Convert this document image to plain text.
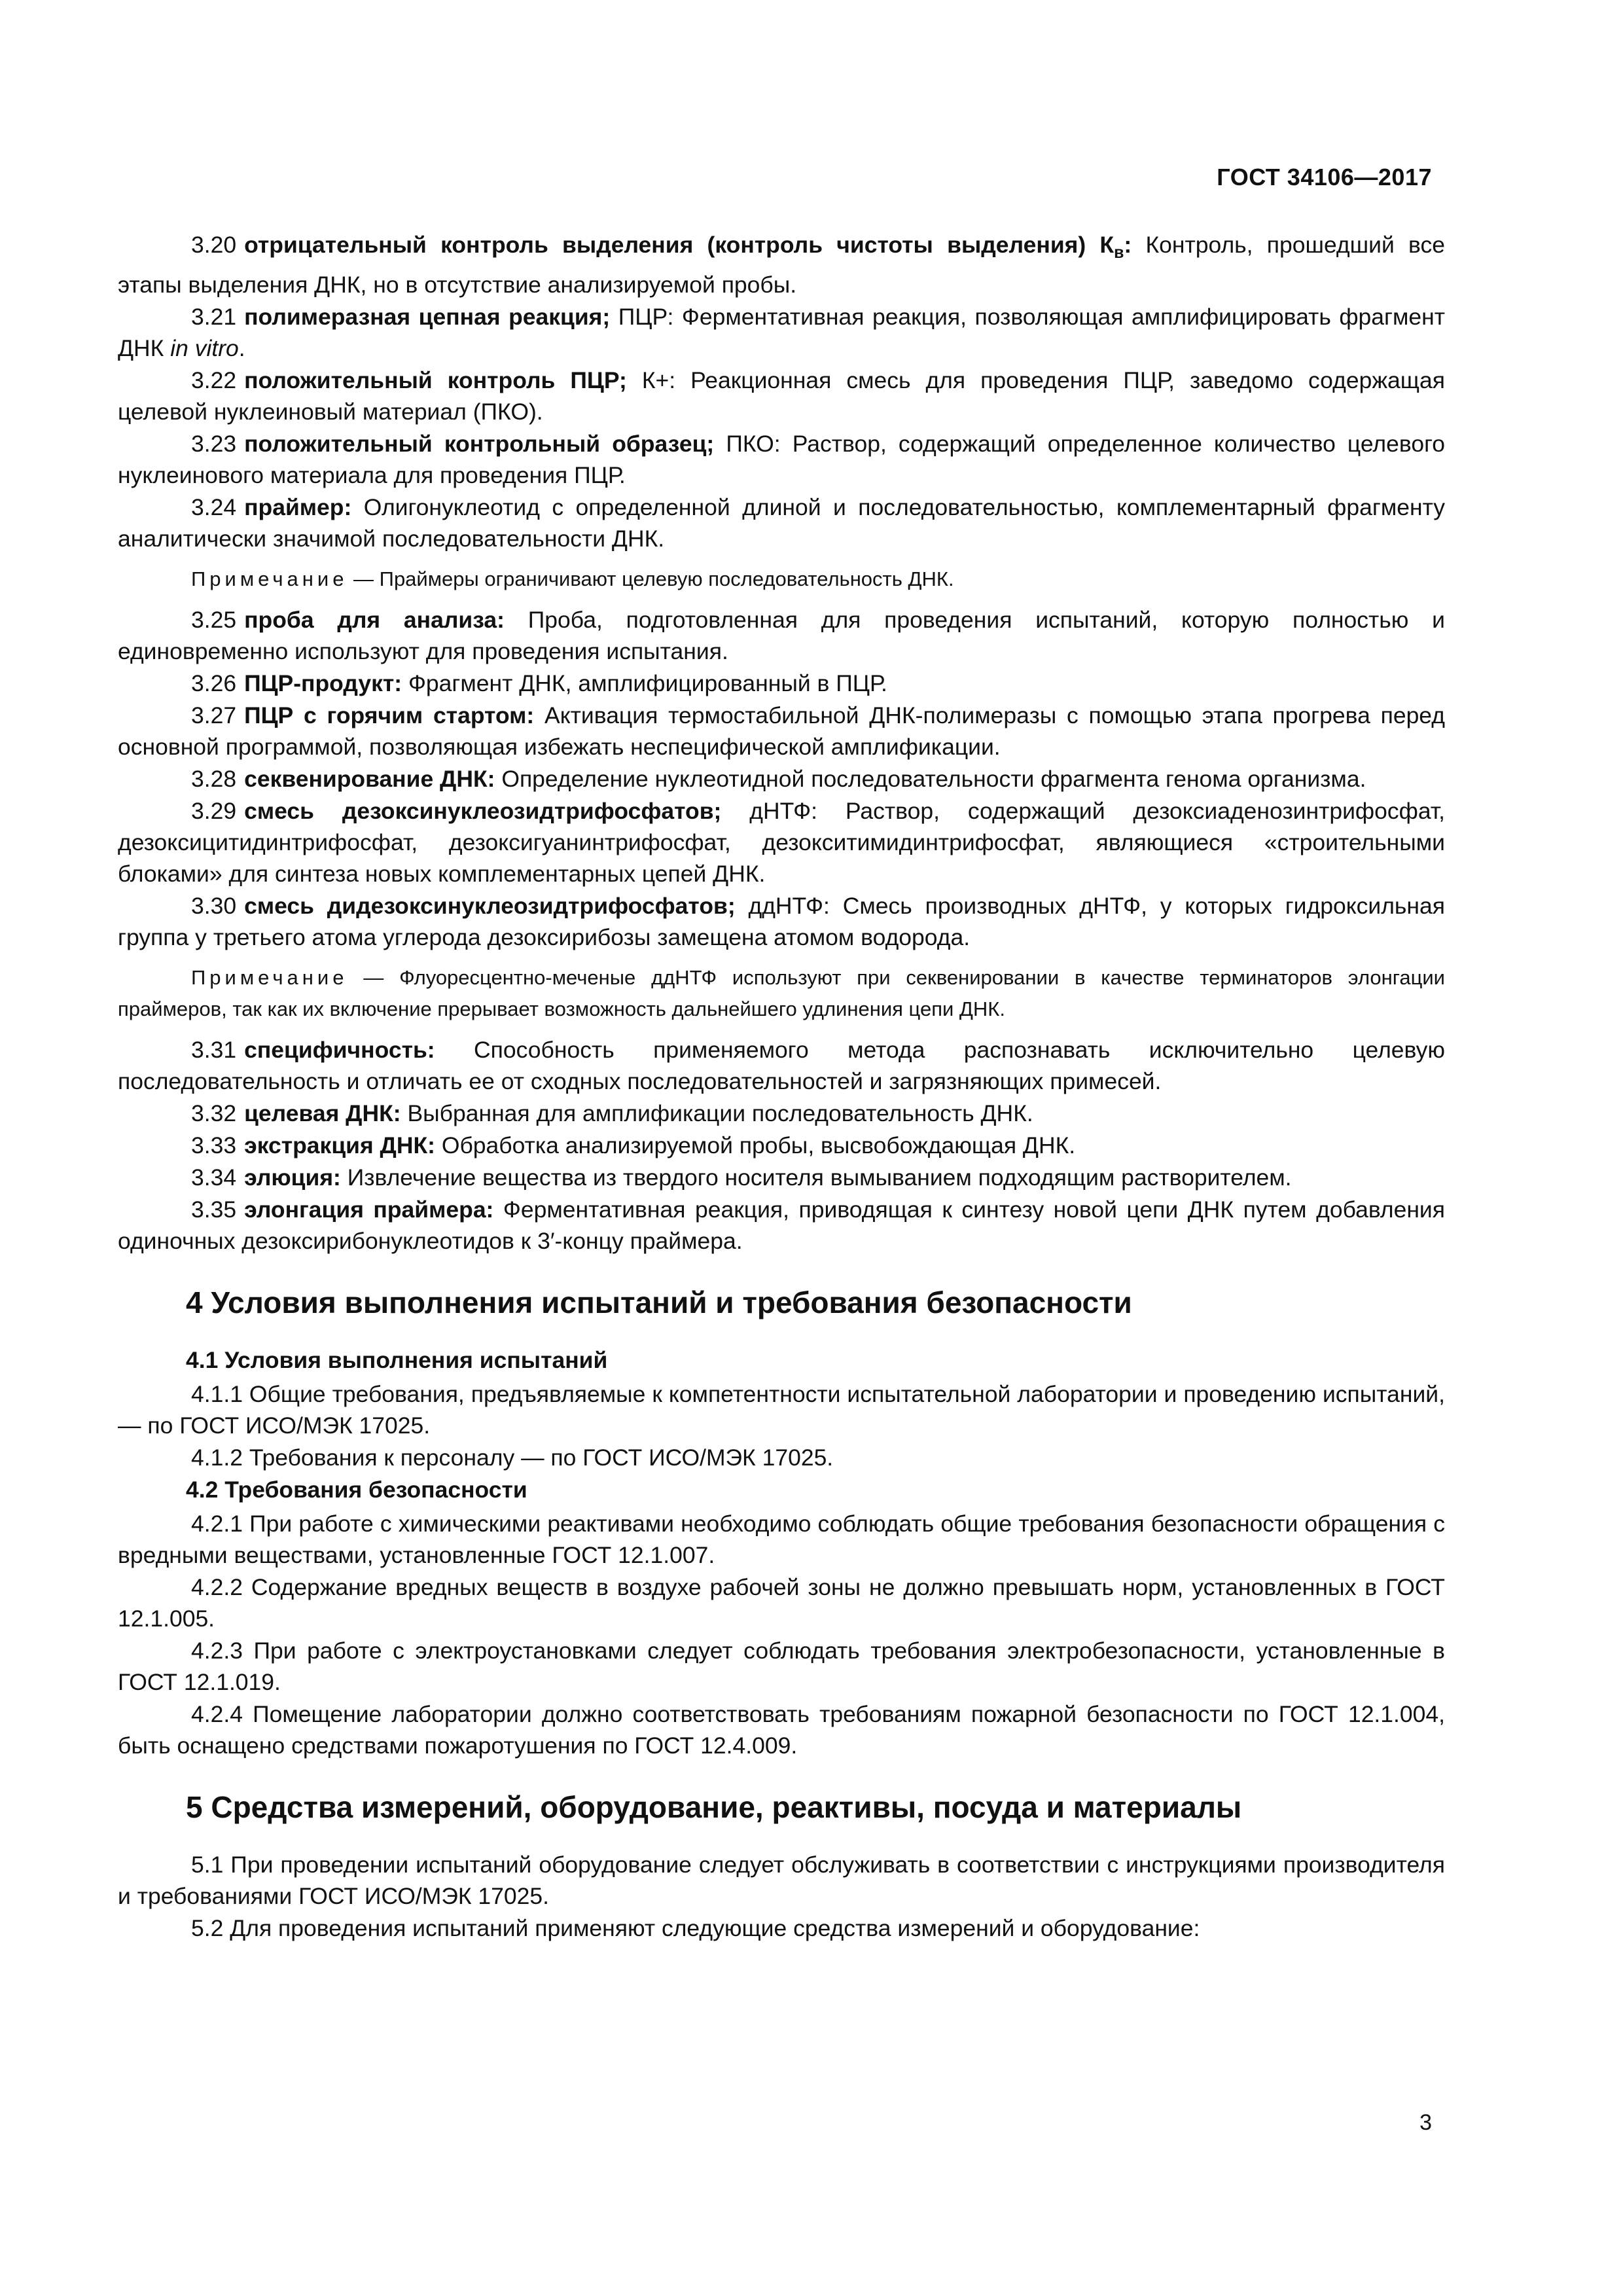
ГОСТ 34106—2017

3.20 отрицательный контроль выделения (контроль чистоты выделения) $К_в$: Контроль, прошедший все этапы выделения ДНК, но в отсутствие анализируемой пробы.

3.21 полимеразная цепная реакция; ПЦР: Ферментативная реакция, позволяющая амплифицировать фрагмент ДНК in vitro.

3.22 положительный контроль ПЦР; К+: Реакционная смесь для проведения ПЦР, заведомо содержащая целевой нуклеиновый материал (ПКО).

3.23 положительный контрольный образец; ПКО: Раствор, содержащий определенное количество целевого нуклеинового материала для проведения ПЦР.

3.24 праймер: Олигонуклеотид с определенной длиной и последовательностью, комплементарный фрагменту аналитически значимой последовательности ДНК.

Примечание — Праймеры ограничивают целевую последовательность ДНК.

3.25 проба для анализа: Проба, подготовленная для проведения испытаний, которую полностью и единовременно используют для проведения испытания.

3.26 ПЦР-продукт: Фрагмент ДНК, амплифицированный в ПЦР.

3.27 ПЦР с горячим стартом: Активация термостабильной ДНК-полимеразы с помощью этапа прогрева перед основной программой, позволяющая избежать неспецифической амплификации.

3.28 секвенирование ДНК: Определение нуклеотидной последовательности фрагмента генома организма.

3.29 смесь дезоксинуклеозидтрифосфатов; дНТФ: Раствор, содержащий дезоксиаденозинтрифосфат, дезоксицитидинтрифосфат, дезоксигуанинтрифосфат, дезокситимидинтрифосфат, являющиеся «строительными блоками» для синтеза новых комплементарных цепей ДНК.

3.30 смесь дидезоксинуклеозидтрифосфатов; ддНТФ: Смесь производных дНТФ, у которых гидроксильная группа у третьего атома углерода дезоксирибозы замещена атомом водорода.

Примечание — Флуоресцентно-меченые ддНТФ используют при секвенировании в качестве терминаторов элонгации праймеров, так как их включение прерывает возможность дальнейшего удлинения цепи ДНК.

3.31 специфичность: Способность применяемого метода распознавать исключительно целевую последовательность и отличать ее от сходных последовательностей и загрязняющих примесей.

3.32 целевая ДНК: Выбранная для амплификации последовательность ДНК.

3.33 экстракция ДНК: Обработка анализируемой пробы, высвобождающая ДНК.

3.34 элюция: Извлечение вещества из твердого носителя вымыванием подходящим растворителем.

3.35 элонгация праймера: Ферментативная реакция, приводящая к синтезу новой цепи ДНК путем добавления одиночных дезоксирибонуклеотидов к 3′-концу праймера.

4 Условия выполнения испытаний и требования безопасности
4.1 Условия выполнения испытаний

4.1.1 Общие требования, предъявляемые к компетентности испытательной лаборатории и проведению испытаний, — по ГОСТ ИСО/МЭК 17025.

4.1.2 Требования к персоналу — по ГОСТ ИСО/МЭК 17025.

4.2 Требования безопасности

4.2.1 При работе с химическими реактивами необходимо соблюдать общие требования безопасности обращения с вредными веществами, установленные ГОСТ 12.1.007.

4.2.2 Содержание вредных веществ в воздухе рабочей зоны не должно превышать норм, установленных в ГОСТ 12.1.005.

4.2.3 При работе с электроустановками следует соблюдать требования электробезопасности, установленные в ГОСТ 12.1.019.

4.2.4 Помещение лаборатории должно соответствовать требованиям пожарной безопасности по ГОСТ 12.1.004, быть оснащено средствами пожаротушения по ГОСТ 12.4.009.

5 Средства измерений, оборудование, реактивы, посуда и материалы

5.1 При проведении испытаний оборудование следует обслуживать в соответствии с инструкциями производителя и требованиями ГОСТ ИСО/МЭК 17025.

5.2 Для проведения испытаний применяют следующие средства измерений и оборудование:

3
